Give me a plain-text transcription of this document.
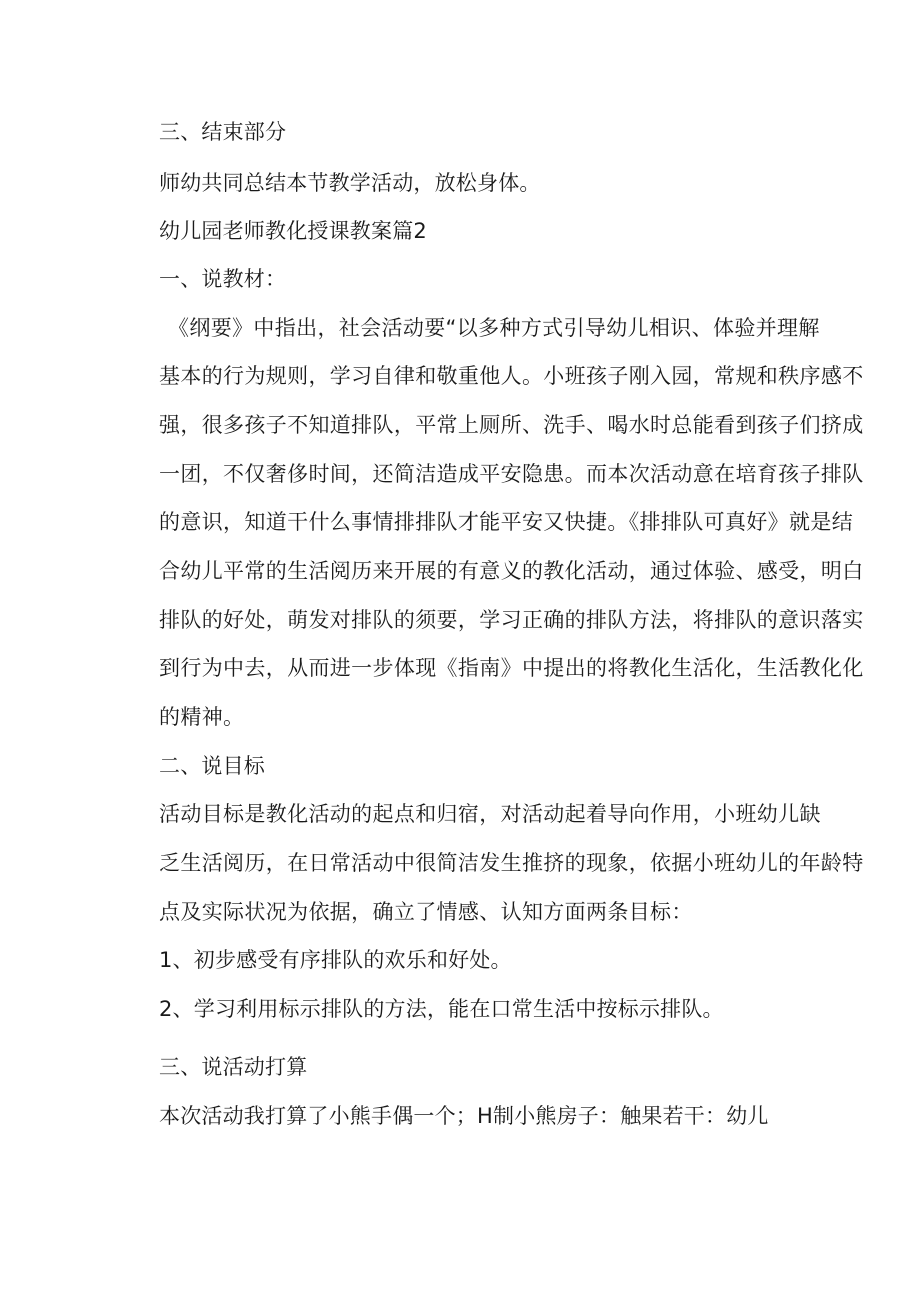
三、结束部分
师幼共同总结本节教学活动，放松身体。
幼儿园老师教化授课教案篇2
一、说教材：
《纲要》中指出，社会活动要“以多种方式引导幼儿相识、体验并理解
基本的行为规则，学习自律和敬重他人。小班孩子刚入园，常规和秩序感不
强，很多孩子不知道排队，平常上厕所、洗手、喝水时总能看到孩子们挤成
一团，不仅奢侈时间，还简洁造成平安隐患。而本次活动意在培育孩子排队
的意识，知道干什么事情排排队才能平安又快捷。《排排队可真好》就是结
合幼儿平常的生活阅历来开展的有意义的教化活动，通过体验、感受，明白
排队的好处，萌发对排队的须要，学习正确的排队方法，将排队的意识落实
到行为中去，从而进一步体现《指南》中提出的将教化生活化，生活教化化
的精神。
二、说目标
活动目标是教化活动的起点和归宿，对活动起着导向作用，小班幼儿缺
乏生活阅历，在日常活动中很简洁发生推挤的现象，依据小班幼儿的年龄特
点及实际状况为依据，确立了情感、认知方面两条目标：
1、初步感受有序排队的欢乐和好处。
2、学习利用标示排队的方法，能在口常生活中按标示排队。
三、说活动打算
本次活动我打算了小熊手偶一个；H制小熊房子：触果若干：幼儿
